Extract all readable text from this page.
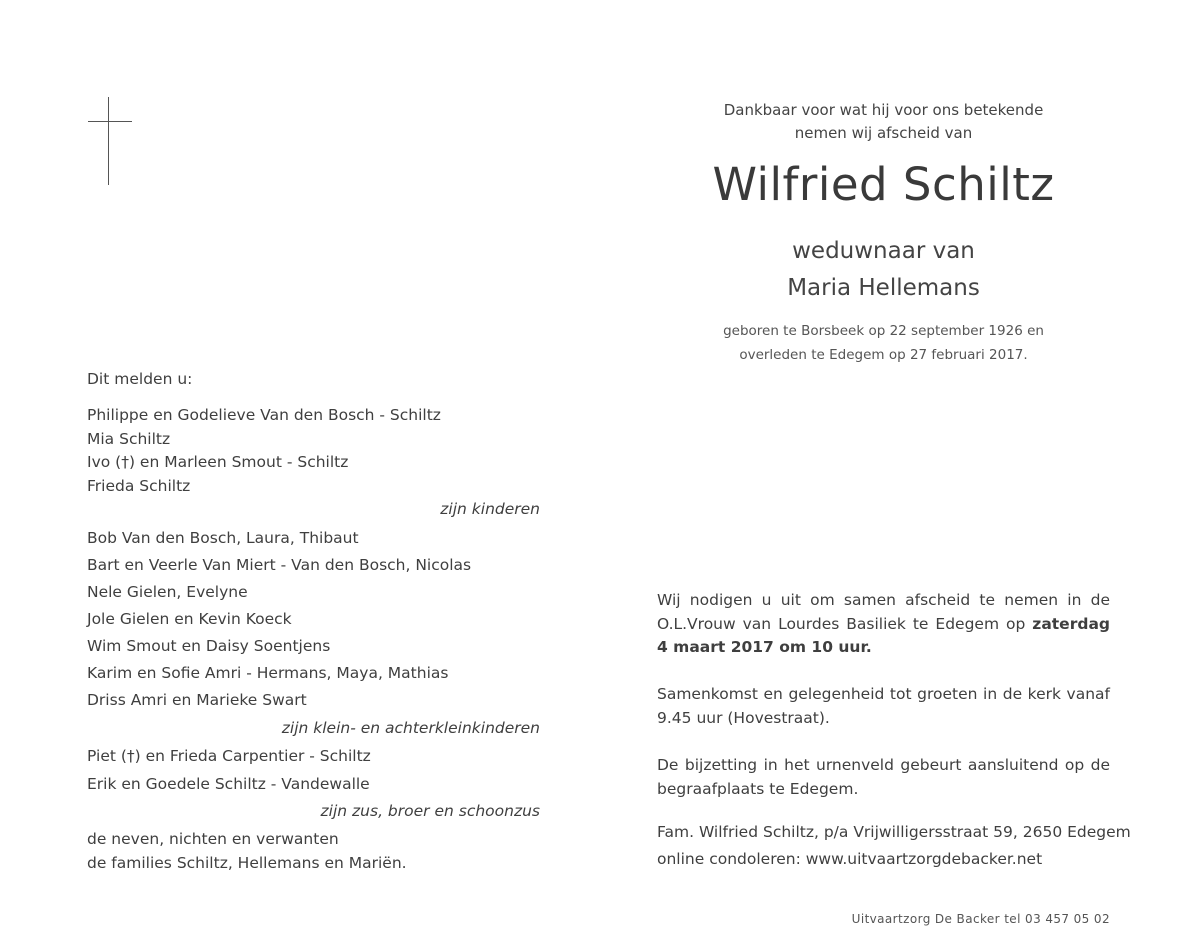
Dankbaar voor wat hij voor ons betekende
nemen wij afscheid van
Wilfried Schiltz
weduwnaar van
Maria Hellemans
geboren te Borsbeek op 22 september 1926 en
overleden te Edegem op 27 februari 2017.
Dit melden u:
Philippe en Godelieve Van den Bosch - Schiltz
Mia Schiltz
Ivo (†) en Marleen Smout - Schiltz
Frieda Schiltz
zijn kinderen
Bob Van den Bosch, Laura, Thibaut
Bart en Veerle Van Miert - Van den Bosch, Nicolas
Nele Gielen, Evelyne
Jole Gielen en Kevin Koeck
Wim Smout en Daisy Soentjens
Karim en Sofie Amri - Hermans, Maya, Mathias
Driss Amri en Marieke Swart
zijn klein- en achterkleinkinderen
Piet (†) en Frieda Carpentier - Schiltz
Erik en Goedele Schiltz - Vandewalle
zijn zus, broer en schoonzus
de neven, nichten en verwanten
de families Schiltz, Hellemans en Mariën.
Wij nodigen u uit om samen afscheid te nemen in de O.L.Vrouw van Lourdes Basiliek te Edegem op zaterdag 4 maart 2017 om 10 uur.
Samenkomst en gelegenheid tot groeten in de kerk vanaf 9.45 uur (Hovestraat).
De bijzetting in het urnenveld gebeurt aansluitend op de begraafplaats te Edegem.
Fam. Wilfried Schiltz, p/a Vrijwilligersstraat 59, 2650 Edegem
online condoleren: www.uitvaartzorgdebacker.net
Uitvaartzorg De Backer tel 03 457 05 02
